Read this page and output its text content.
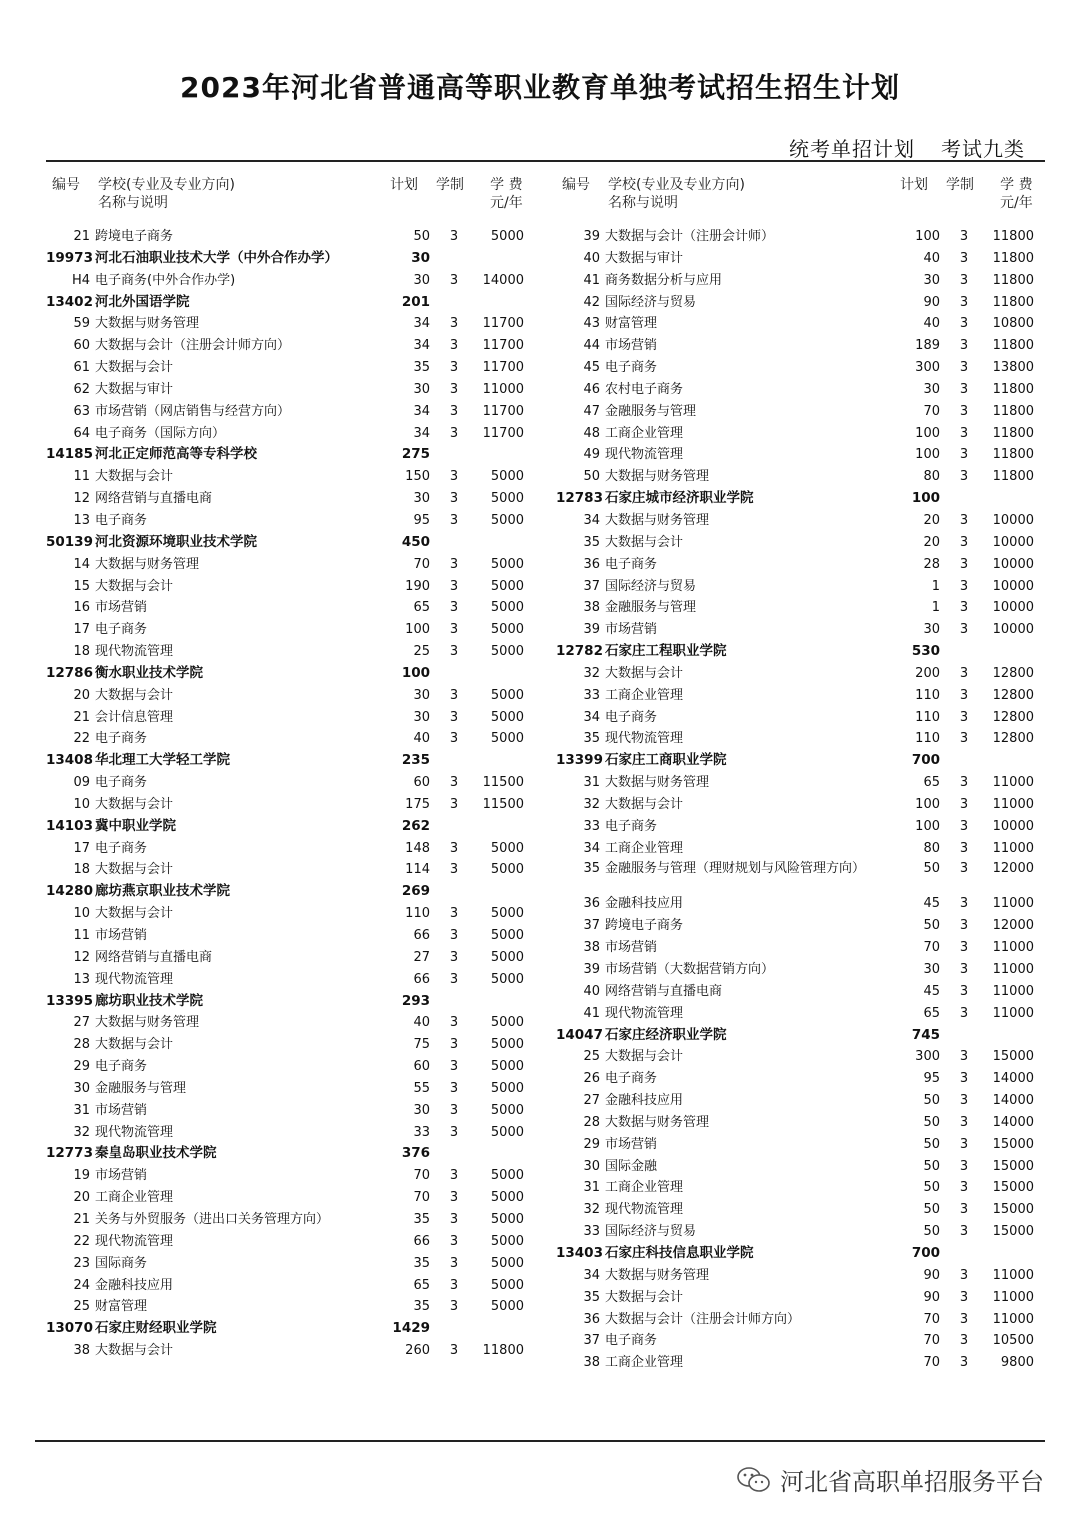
2023年河北省普通高等职业教育单独考试招生招生计划
统考单招计划 考试九类
编号 学校(专业及专业方向)
名称与说明
计划 学制 学 费
元/年
21 跨境电子商务	50	3	5000
19973 河北石油职业技术大学（中外合作办学）	30
H4 电子商务(中外合作办学)	30	3	14000
13402 河北外国语学院	201
59 大数据与财务管理	34	3	11700
60 大数据与会计（注册会计师方向）	34	3	11700
61 大数据与会计	35	3	11700
62 大数据与审计	30	3	11000
63 市场营销（网店销售与经营方向）	34	3	11700
64 电子商务（国际方向）	34	3	11700
14185 河北正定师范高等专科学校	275
11 大数据与会计	150	3	5000
12 网络营销与直播电商	30	3	5000
13 电子商务	95	3	5000
50139 河北资源环境职业技术学院	450
14 大数据与财务管理	70	3	5000
15 大数据与会计	190	3	5000
16 市场营销	65	3	5000
17 电子商务	100	3	5000
18 现代物流管理	25	3	5000
12786 衡水职业技术学院	100
20 大数据与会计	30	3	5000
21 会计信息管理	30	3	5000
22 电子商务	40	3	5000
13408 华北理工大学轻工学院	235
09 电子商务	60	3	11500
10 大数据与会计	175	3	11500
14103 冀中职业学院	262
17 电子商务	148	3	5000
18 大数据与会计	114	3	5000
14280 廊坊燕京职业技术学院	269
10 大数据与会计	110	3	5000
11 市场营销	66	3	5000
12 网络营销与直播电商	27	3	5000
13 现代物流管理	66	3	5000
13395 廊坊职业技术学院	293
27 大数据与财务管理	40	3	5000
28 大数据与会计	75	3	5000
29 电子商务	60	3	5000
30 金融服务与管理	55	3	5000
31 市场营销	30	3	5000
32 现代物流管理	33	3	5000
12773 秦皇岛职业技术学院	376
19 市场营销	70	3	5000
20 工商企业管理	70	3	5000
21 关务与外贸服务（进出口关务管理方向）	35	3	5000
22 现代物流管理	66	3	5000
23 国际商务	35	3	5000
24 金融科技应用	65	3	5000
25 财富管理	35	3	5000
13070 石家庄财经职业学院	1429
38 大数据与会计	260	3	11800
编号 学校(专业及专业方向)
名称与说明
计划 学制 学 费
元/年
39 大数据与会计（注册会计师）	100	3	11800
40 大数据与审计	40	3	11800
41 商务数据分析与应用	30	3	11800
42 国际经济与贸易	90	3	11800
43 财富管理	40	3	10800
44 市场营销	189	3	11800
45 电子商务	300	3	13800
46 农村电子商务	30	3	11800
47 金融服务与管理	70	3	11800
48 工商企业管理	100	3	11800
49 现代物流管理	100	3	11800
50 大数据与财务管理	80	3	11800
12783 石家庄城市经济职业学院	100
34 大数据与财务管理	20	3	10000
35 大数据与会计	20	3	10000
36 电子商务	28	3	10000
37 国际经济与贸易	1	3	10000
38 金融服务与管理	1	3	10000
39 市场营销	30	3	10000
12782 石家庄工程职业学院	530
32 大数据与会计	200	3	12800
33 工商企业管理	110	3	12800
34 电子商务	110	3	12800
35 现代物流管理	110	3	12800
13399 石家庄工商职业学院	700
31 大数据与财务管理	65	3	11000
32 大数据与会计	100	3	11000
33 电子商务	100	3	10000
34 工商企业管理	80	3	11000
35 金融服务与管理（理财规划与风险管理方向）	50	3	12000
36 金融科技应用	45	3	11000
37 跨境电子商务	50	3	12000
38 市场营销	70	3	11000
39 市场营销（大数据营销方向）	30	3	11000
40 网络营销与直播电商	45	3	11000
41 现代物流管理	65	3	11000
14047 石家庄经济职业学院	745
25 大数据与会计	300	3	15000
26 电子商务	95	3	14000
27 金融科技应用	50	3	14000
28 大数据与财务管理	50	3	14000
29 市场营销	50	3	15000
30 国际金融	50	3	15000
31 工商企业管理	50	3	15000
32 现代物流管理	50	3	15000
33 国际经济与贸易	50	3	15000
13403 石家庄科技信息职业学院	700
34 大数据与财务管理	90	3	11000
35 大数据与会计	90	3	11000
36 大数据与会计（注册会计师方向）	70	3	11000
37 电子商务	70	3	10500
38 工商企业管理	70	3	9800
河北省高职单招服务平台
